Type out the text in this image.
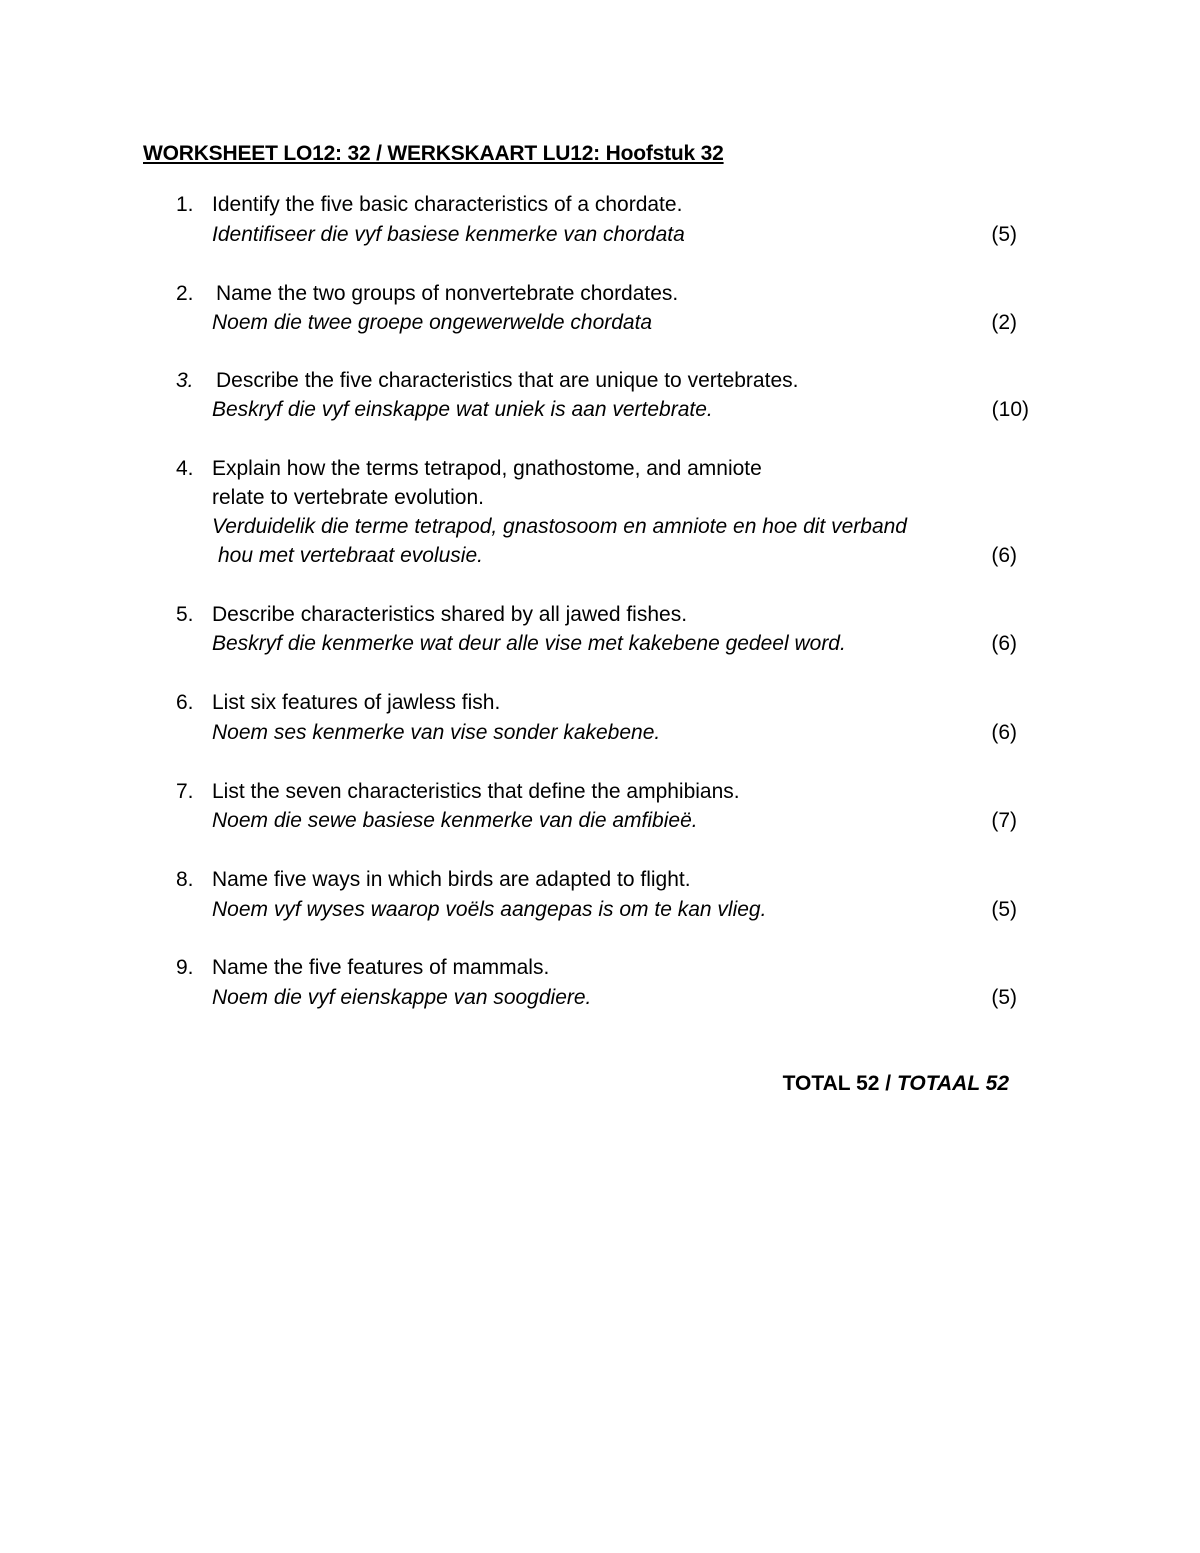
WORKSHEET LO12: 32 / WERKSKAART LU12: Hoofstuk 32
1. Identify the five basic characteristics of a chordate.
Identifiseer die vyf basiese kenmerke van chordata	(5)
2. Name the two groups of nonvertebrate chordates.
Noem die twee groepe ongewerwelde chordata	(2)
3. Describe the five characteristics that are unique to vertebrates.
Beskryf die vyf einskappe wat uniek is aan vertebrate.	(10)
4. Explain how the terms tetrapod, gnathostome, and amniote
relate to vertebrate evolution.
Verduidelik die terme tetrapod, gnastosoom en amniote en hoe dit verband
hou met vertebraat evolusie.	(6)
5. Describe characteristics shared by all jawed fishes.
Beskryf die kenmerke wat deur alle vise met kakebene gedeel word.	(6)
6. List six features of jawless fish.
Noem ses kenmerke van vise sonder kakebene.	(6)
7. List the seven characteristics that define the amphibians.
Noem die sewe basiese kenmerke van die amfibieë.	(7)
8. Name five ways in which birds are adapted to flight.
Noem vyf wyses waarop voëls aangepas is om te kan vlieg.	(5)
9. Name the five features of mammals.
Noem die vyf eienskappe van soogdiere.	(5)
TOTAL 52 / TOTAAL 52
